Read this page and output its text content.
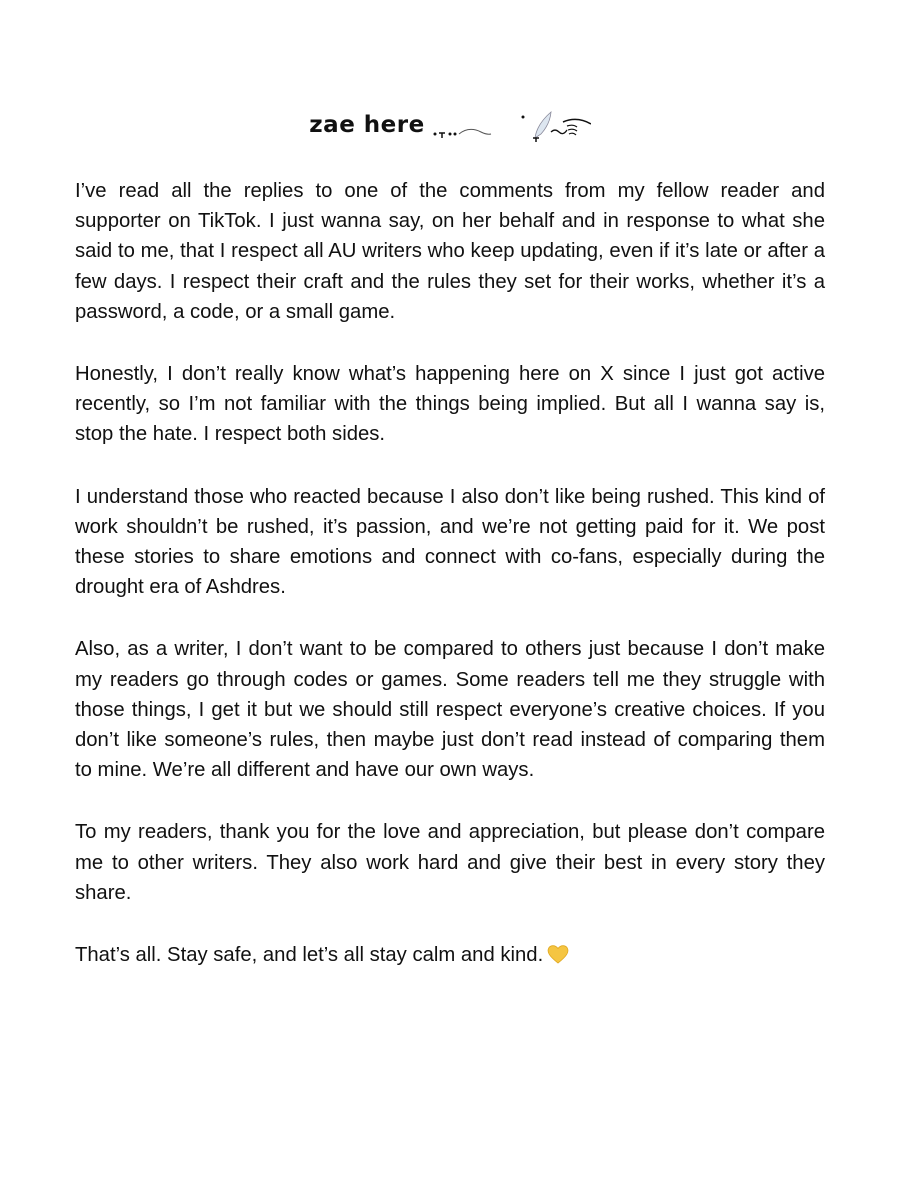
zae here

I’ve read all the replies to one of the comments from my fellow reader and supporter on TikTok. I just wanna say, on her behalf and in response to what she said to me, that I respect all AU writers who keep updating, even if it’s late or after a few days. I respect their craft and the rules they set for their works, whether it’s a password, a code, or a small game.

Honestly, I don’t really know what’s happening here on X since I just got active recently, so I’m not familiar with the things being implied. But all I wanna say is, stop the hate. I respect both sides.

I understand those who reacted because I also don’t like being rushed. This kind of work shouldn’t be rushed, it’s passion, and we’re not getting paid for it. We post these stories to share emotions and connect with co-fans, especially during the drought era of Ashdres.

Also, as a writer, I don’t want to be compared to others just because I don’t make my readers go through codes or games. Some readers tell me they struggle with those things, I get it but we should still respect everyone’s creative choices. If you don’t like someone’s rules, then maybe just don’t read instead of comparing them to mine. We’re all different and have our own ways.

To my readers, thank you for the love and appreciation, but please don’t compare me to other writers. They also work hard and give their best in every story they share.

That’s all. Stay safe, and let’s all stay calm and kind.
